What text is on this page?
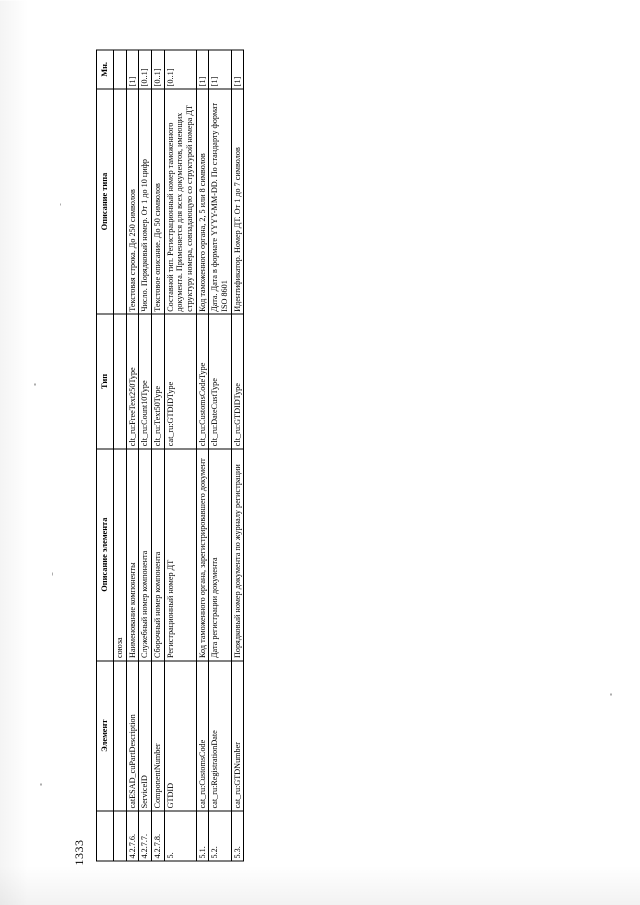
1333
	Элемент	Описание элемента	Тип	Описание типа	Мн.
		союза			
4.2.7.6.	catESAD_cuPartDescription	Наименование компоненты	clt_ru:FreeText250Type	Текстовая строка. До 250 символов	[1]
4.2.7.7.	ServiceID	Служебный номер компонента	clt_ru:Count10Type	Число. Порядковый номер. От 1 до 10 цифр	[0..1]
4.2.7.8.	ComponentNumber	Сборочный номер компонента	clt_ru:Text50Type	Текстовое описание. До 50 символов	[0..1]
5.	GTDID	Регистрационный номер ДТ	cat_ru:GTDIDType	Составной тип. Регистрационный номер таможенного документа. Применяется для всех документов, имеющих структуру номера, совпадающую со структурой номера ДТ	[0..1]
5.1.	cat_ru:CustomsCode	Код таможенного органа, зарегистрировавшего документ	clt_ru:CustomsCodeType	Код таможенного органа, 2, 5 или 8 символов	[1]
5.2.	cat_ru:RegistrationDate	Дата регистрации документа	clt_ru:DateCustType	Дата. Дата в формате YYYY-MM-DD. По стандарту формат ISO 8601	[1]
5.3.	cat_ru:GTDNumber	Порядковый номер документа по журналу регистрации	clt_ru:GTDIDType	Идентификатор. Номер ДТ. От 1 до 7 символов	[1]
